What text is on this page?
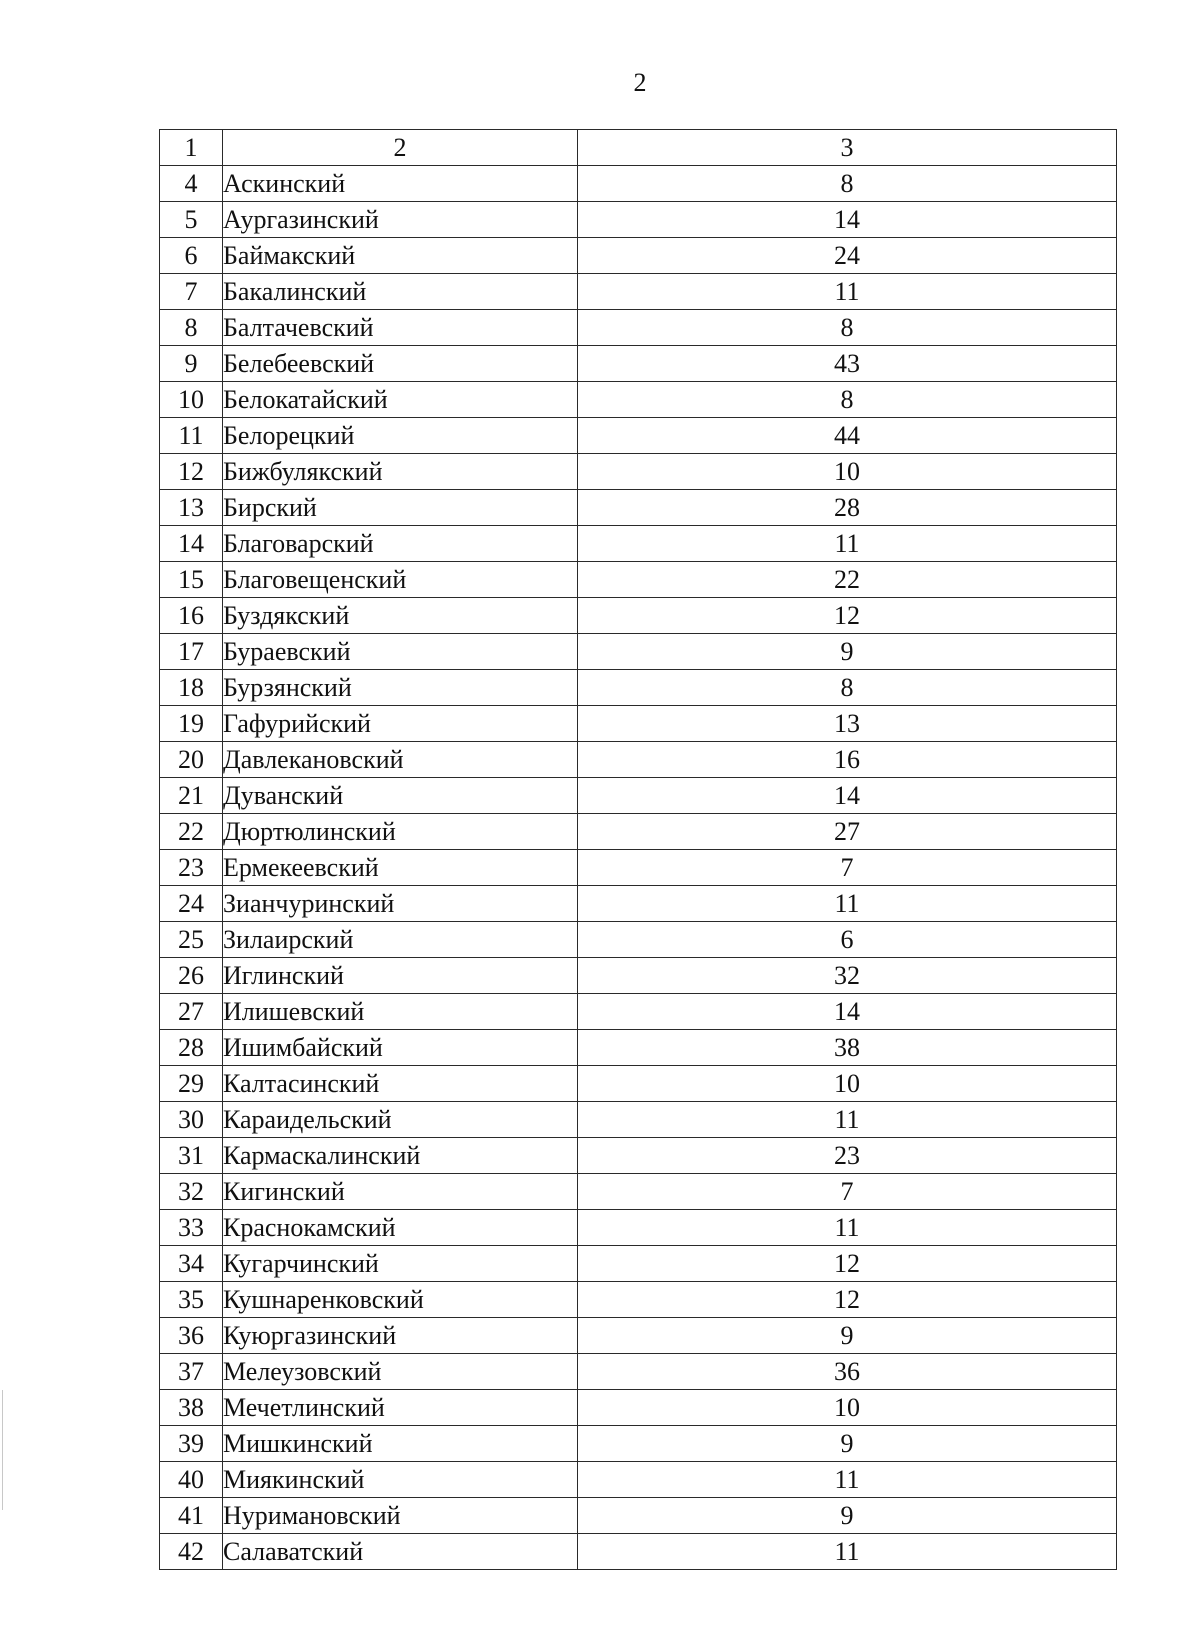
2
1	2	3
4	Аскинский	8
5	Аургазинский	14
6	Баймакский	24
7	Бакалинский	11
8	Балтачевский	8
9	Белебеевский	43
10	Белокатайский	8
11	Белорецкий	44
12	Бижбулякский	10
13	Бирский	28
14	Благоварский	11
15	Благовещенский	22
16	Буздякский	12
17	Бураевский	9
18	Бурзянский	8
19	Гафурийский	13
20	Давлекановский	16
21	Дуванский	14
22	Дюртюлинский	27
23	Ермекеевский	7
24	Зианчуринский	11
25	Зилаирский	6
26	Иглинский	32
27	Илишевский	14
28	Ишимбайский	38
29	Калтасинский	10
30	Караидельский	11
31	Кармаскалинский	23
32	Кигинский	7
33	Краснокамский	11
34	Кугарчинский	12
35	Кушнаренковский	12
36	Куюргазинский	9
37	Мелеузовский	36
38	Мечетлинский	10
39	Мишкинский	9
40	Миякинский	11
41	Нуримановский	9
42	Салаватский	11
